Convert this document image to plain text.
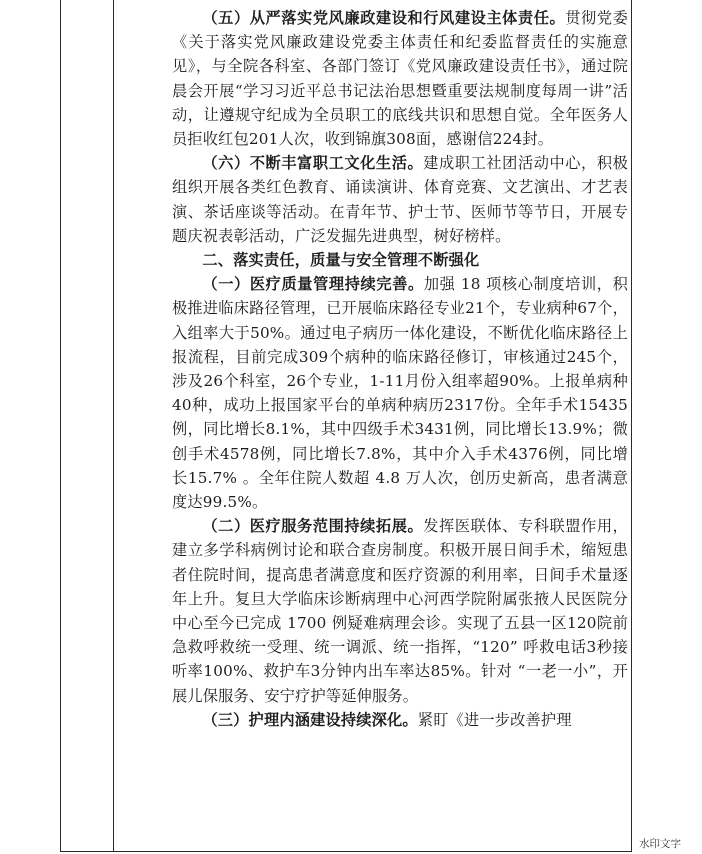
（五）从严落实党风廉政建设和行风建设主体责任。贯彻党委《关于落实党风廉政建设党委主体责任和纪委监督责任的实施意见》，与全院各科室、各部门签订《党风廉政建设责任书》，通过院晨会开展“学习习近平总书记法治思想暨重要法规制度每周一讲”活动，让遵规守纪成为全员职工的底线共识和思想自觉。全年医务人员拒收红包201人次，收到锦旗308面，感谢信224封。

（六）不断丰富职工文化生活。建成职工社团活动中心，积极组织开展各类红色教育、诵读演讲、体育竞赛、文艺演出、才艺表演、茶话座谈等活动。在青年节、护士节、医师节等节日，开展专题庆祝表彰活动，广泛发掘先进典型，树好榜样。

二、落实责任，质量与安全管理不断强化

（一）医疗质量管理持续完善。加强 18 项核心制度培训，积极推进临床路径管理，已开展临床路径专业21个，专业病种67个，入组率大于50%。通过电子病历一体化建设，不断优化临床路径上报流程，目前完成309个病种的临床路径修订，审核通过245个，涉及26个科室，26个专业，1-11月份入组率超90%。上报单病种40种，成功上报国家平台的单病种病历2317份。全年手术15435例，同比增长8.1%，其中四级手术3431例，同比增长13.9%；微创手术4578例，同比增长7.8%，其中介入手术4376例，同比增长15.7% 。全年住院人数超 4.8 万人次，创历史新高，患者满意度达99.5%。

（二）医疗服务范围持续拓展。发挥医联体、专科联盟作用，建立多学科病例讨论和联合查房制度。积极开展日间手术，缩短患者住院时间，提高患者满意度和医疗资源的利用率，日间手术量逐年上升。复旦大学临床诊断病理中心河西学院附属张掖人民医院分中心至今已完成 1700 例疑难病理会诊。实现了五县一区120院前急救呼救统一受理、统一调派、统一指挥，“120” 呼救电话3秒接听率100%、救护车3分钟内出车率达85%。针对 “一老一小”，开展儿保服务、安宁疗护等延伸服务。

（三）护理内涵建设持续深化。紧盯《进一步改善护理

水印文字
